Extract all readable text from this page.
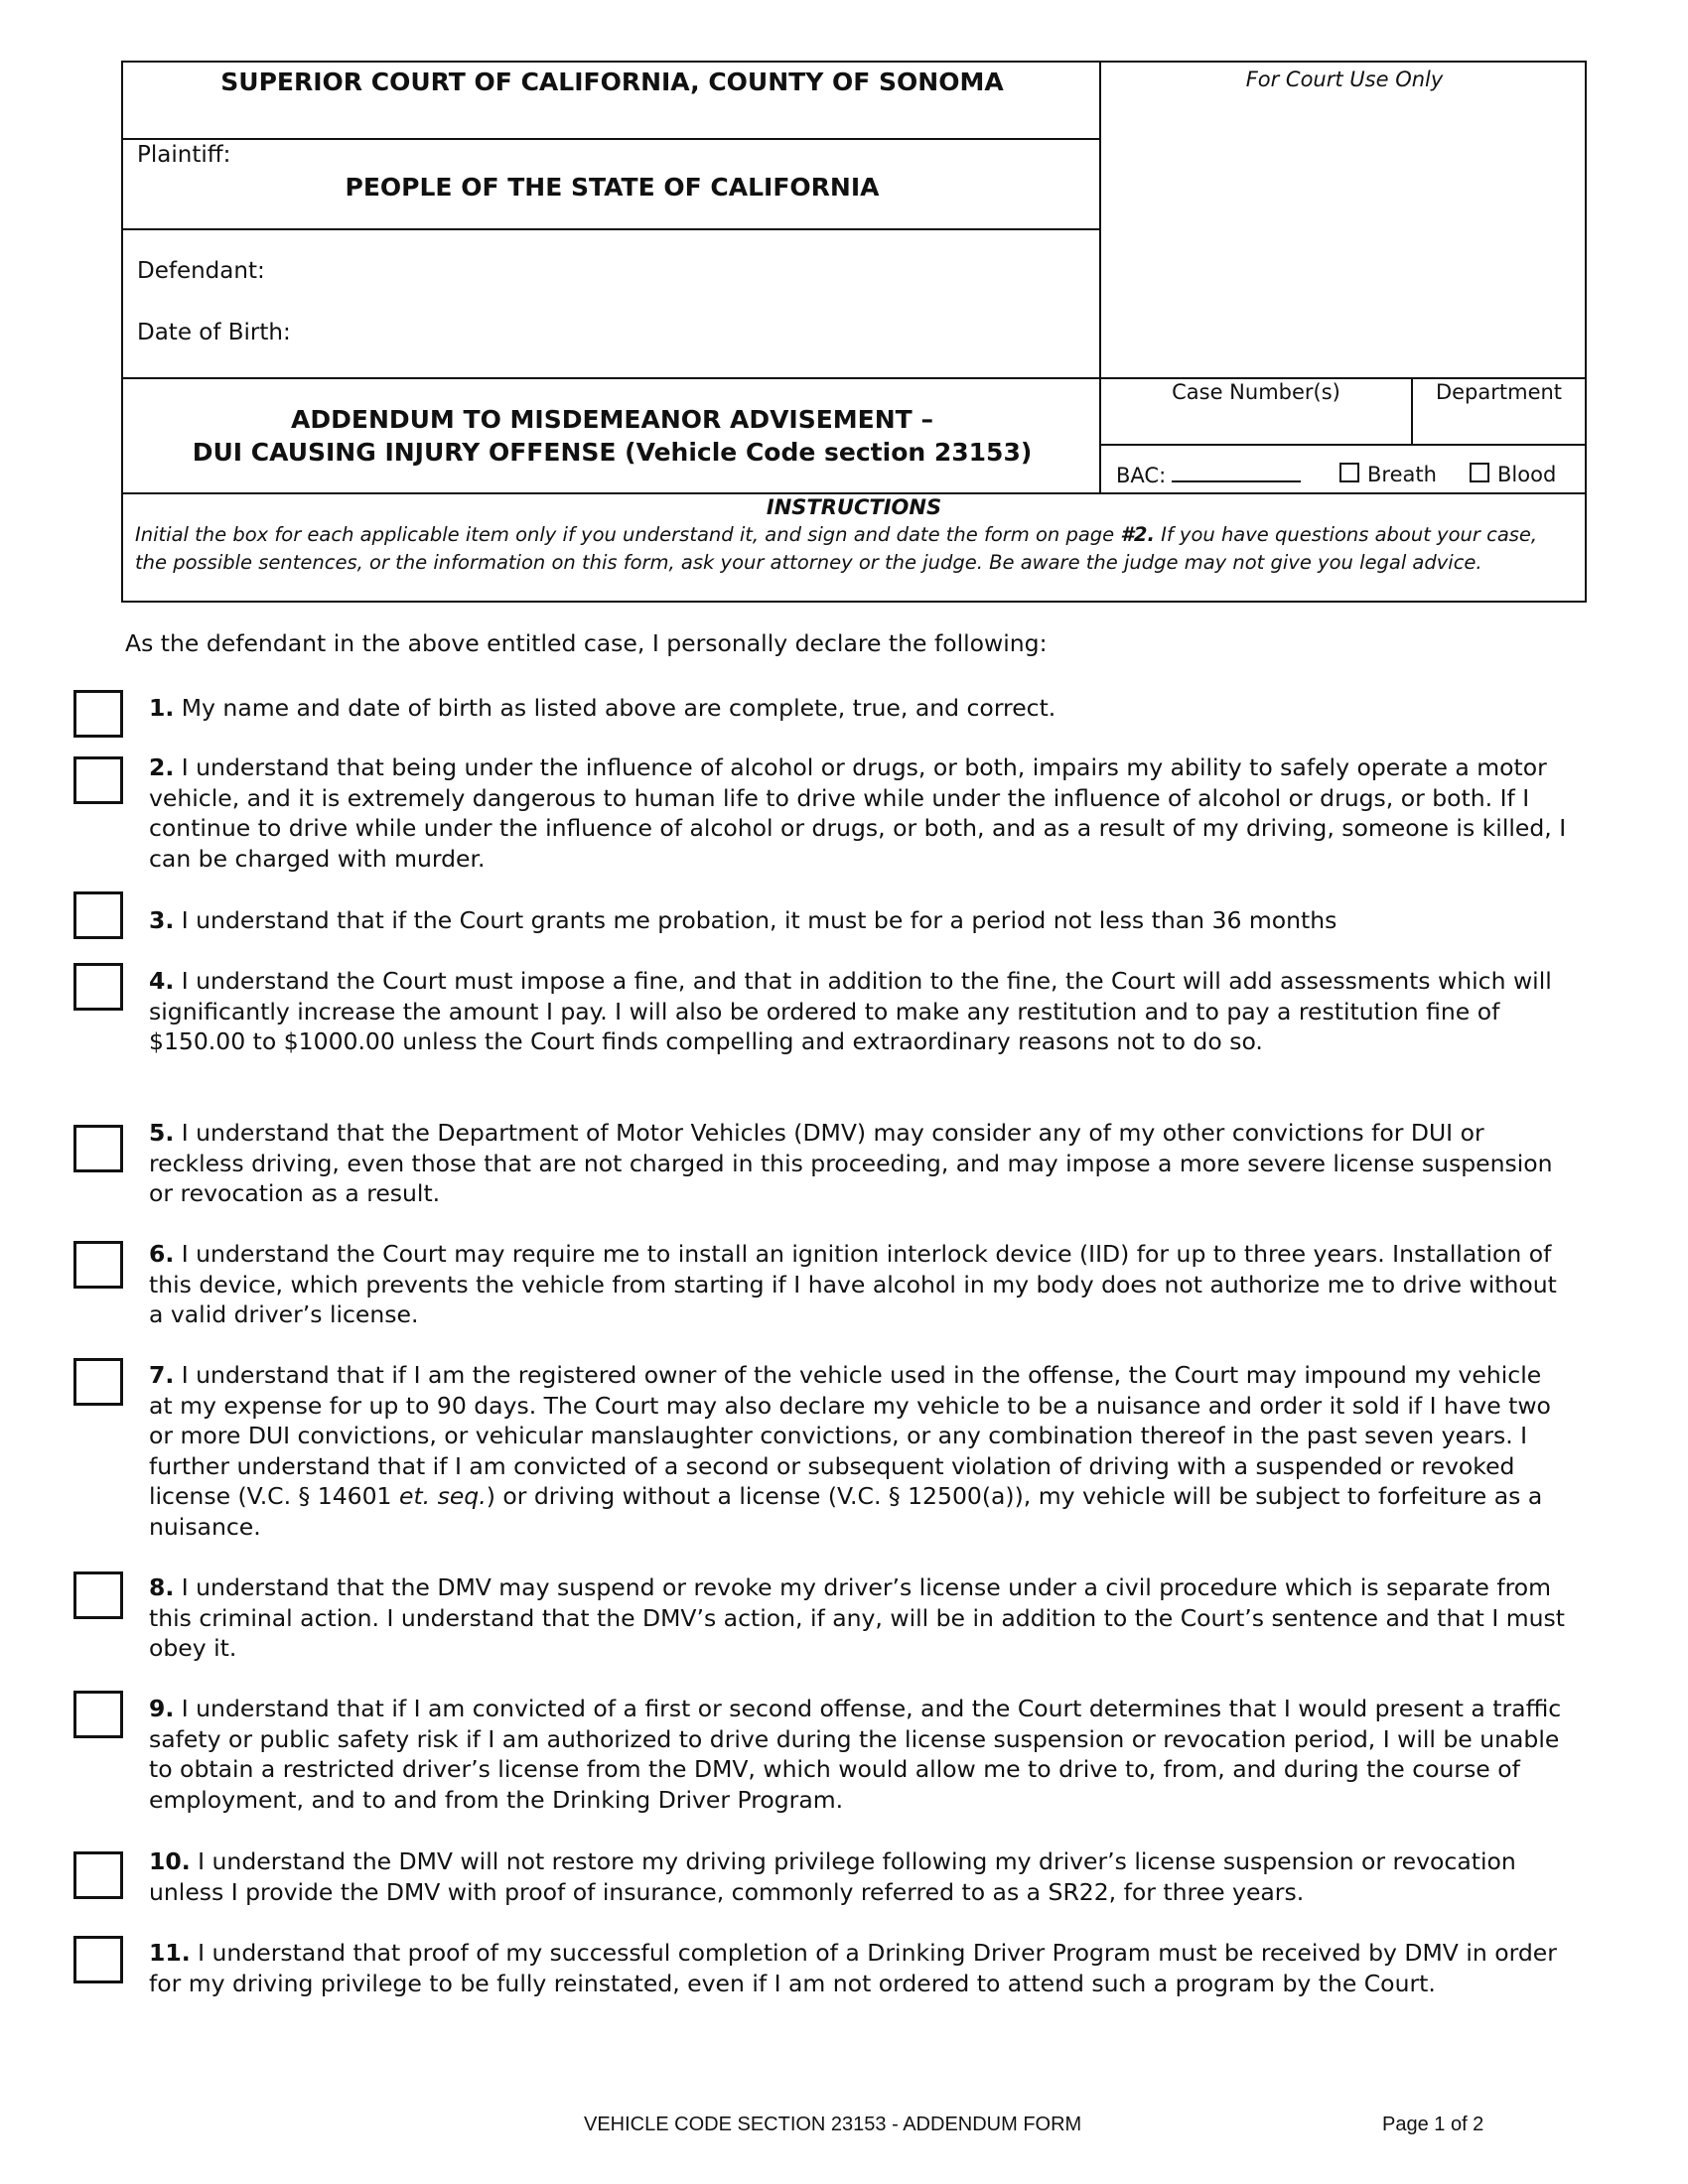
SUPERIOR COURT OF CALIFORNIA, COUNTY OF SONOMA	For Court Use Only
Plaintiff:
PEOPLE OF THE STATE OF CALIFORNIA
Defendant:
Date of Birth:
ADDENDUM TO MISDEMEANOR ADVISEMENT –
DUI CAUSING INJURY OFFENSE (Vehicle Code section 23153)
Case Number(s)	Department
BAC:	Breath	Blood
INSTRUCTIONS
Initial the box for each applicable item only if you understand it, and sign and date the form on page #2. If you have questions about your case, the possible sentences, or the information on this form, ask your attorney or the judge. Be aware the judge may not give you legal advice.
As the defendant in the above entitled case, I personally declare the following:
1. My name and date of birth as listed above are complete, true, and correct.
2. I understand that being under the influence of alcohol or drugs, or both, impairs my ability to safely operate a motor vehicle, and it is extremely dangerous to human life to drive while under the influence of alcohol or drugs, or both. If I continue to drive while under the influence of alcohol or drugs, or both, and as a result of my driving, someone is killed, I can be charged with murder.
3. I understand that if the Court grants me probation, it must be for a period not less than 36 months
4. I understand the Court must impose a fine, and that in addition to the fine, the Court will add assessments which will significantly increase the amount I pay. I will also be ordered to make any restitution and to pay a restitution fine of $150.00 to $1000.00 unless the Court finds compelling and extraordinary reasons not to do so.
5. I understand that the Department of Motor Vehicles (DMV) may consider any of my other convictions for DUI or reckless driving, even those that are not charged in this proceeding, and may impose a more severe license suspension or revocation as a result.
6. I understand the Court may require me to install an ignition interlock device (IID) for up to three years. Installation of this device, which prevents the vehicle from starting if I have alcohol in my body does not authorize me to drive without a valid driver’s license.
7. I understand that if I am the registered owner of the vehicle used in the offense, the Court may impound my vehicle at my expense for up to 90 days. The Court may also declare my vehicle to be a nuisance and order it sold if I have two or more DUI convictions, or vehicular manslaughter convictions, or any combination thereof in the past seven years. I further understand that if I am convicted of a second or subsequent violation of driving with a suspended or revoked license (V.C. § 14601 et. seq.) or driving without a license (V.C. § 12500(a)), my vehicle will be subject to forfeiture as a nuisance.
8. I understand that the DMV may suspend or revoke my driver’s license under a civil procedure which is separate from this criminal action. I understand that the DMV’s action, if any, will be in addition to the Court’s sentence and that I must obey it.
9. I understand that if I am convicted of a first or second offense, and the Court determines that I would present a traffic safety or public safety risk if I am authorized to drive during the license suspension or revocation period, I will be unable to obtain a restricted driver’s license from the DMV, which would allow me to drive to, from, and during the course of employment, and to and from the Drinking Driver Program.
10. I understand the DMV will not restore my driving privilege following my driver’s license suspension or revocation unless I provide the DMV with proof of insurance, commonly referred to as a SR22, for three years.
11. I understand that proof of my successful completion of a Drinking Driver Program must be received by DMV in order for my driving privilege to be fully reinstated, even if I am not ordered to attend such a program by the Court.
VEHICLE CODE SECTION 23153 - ADDENDUM FORM	Page 1 of 2
